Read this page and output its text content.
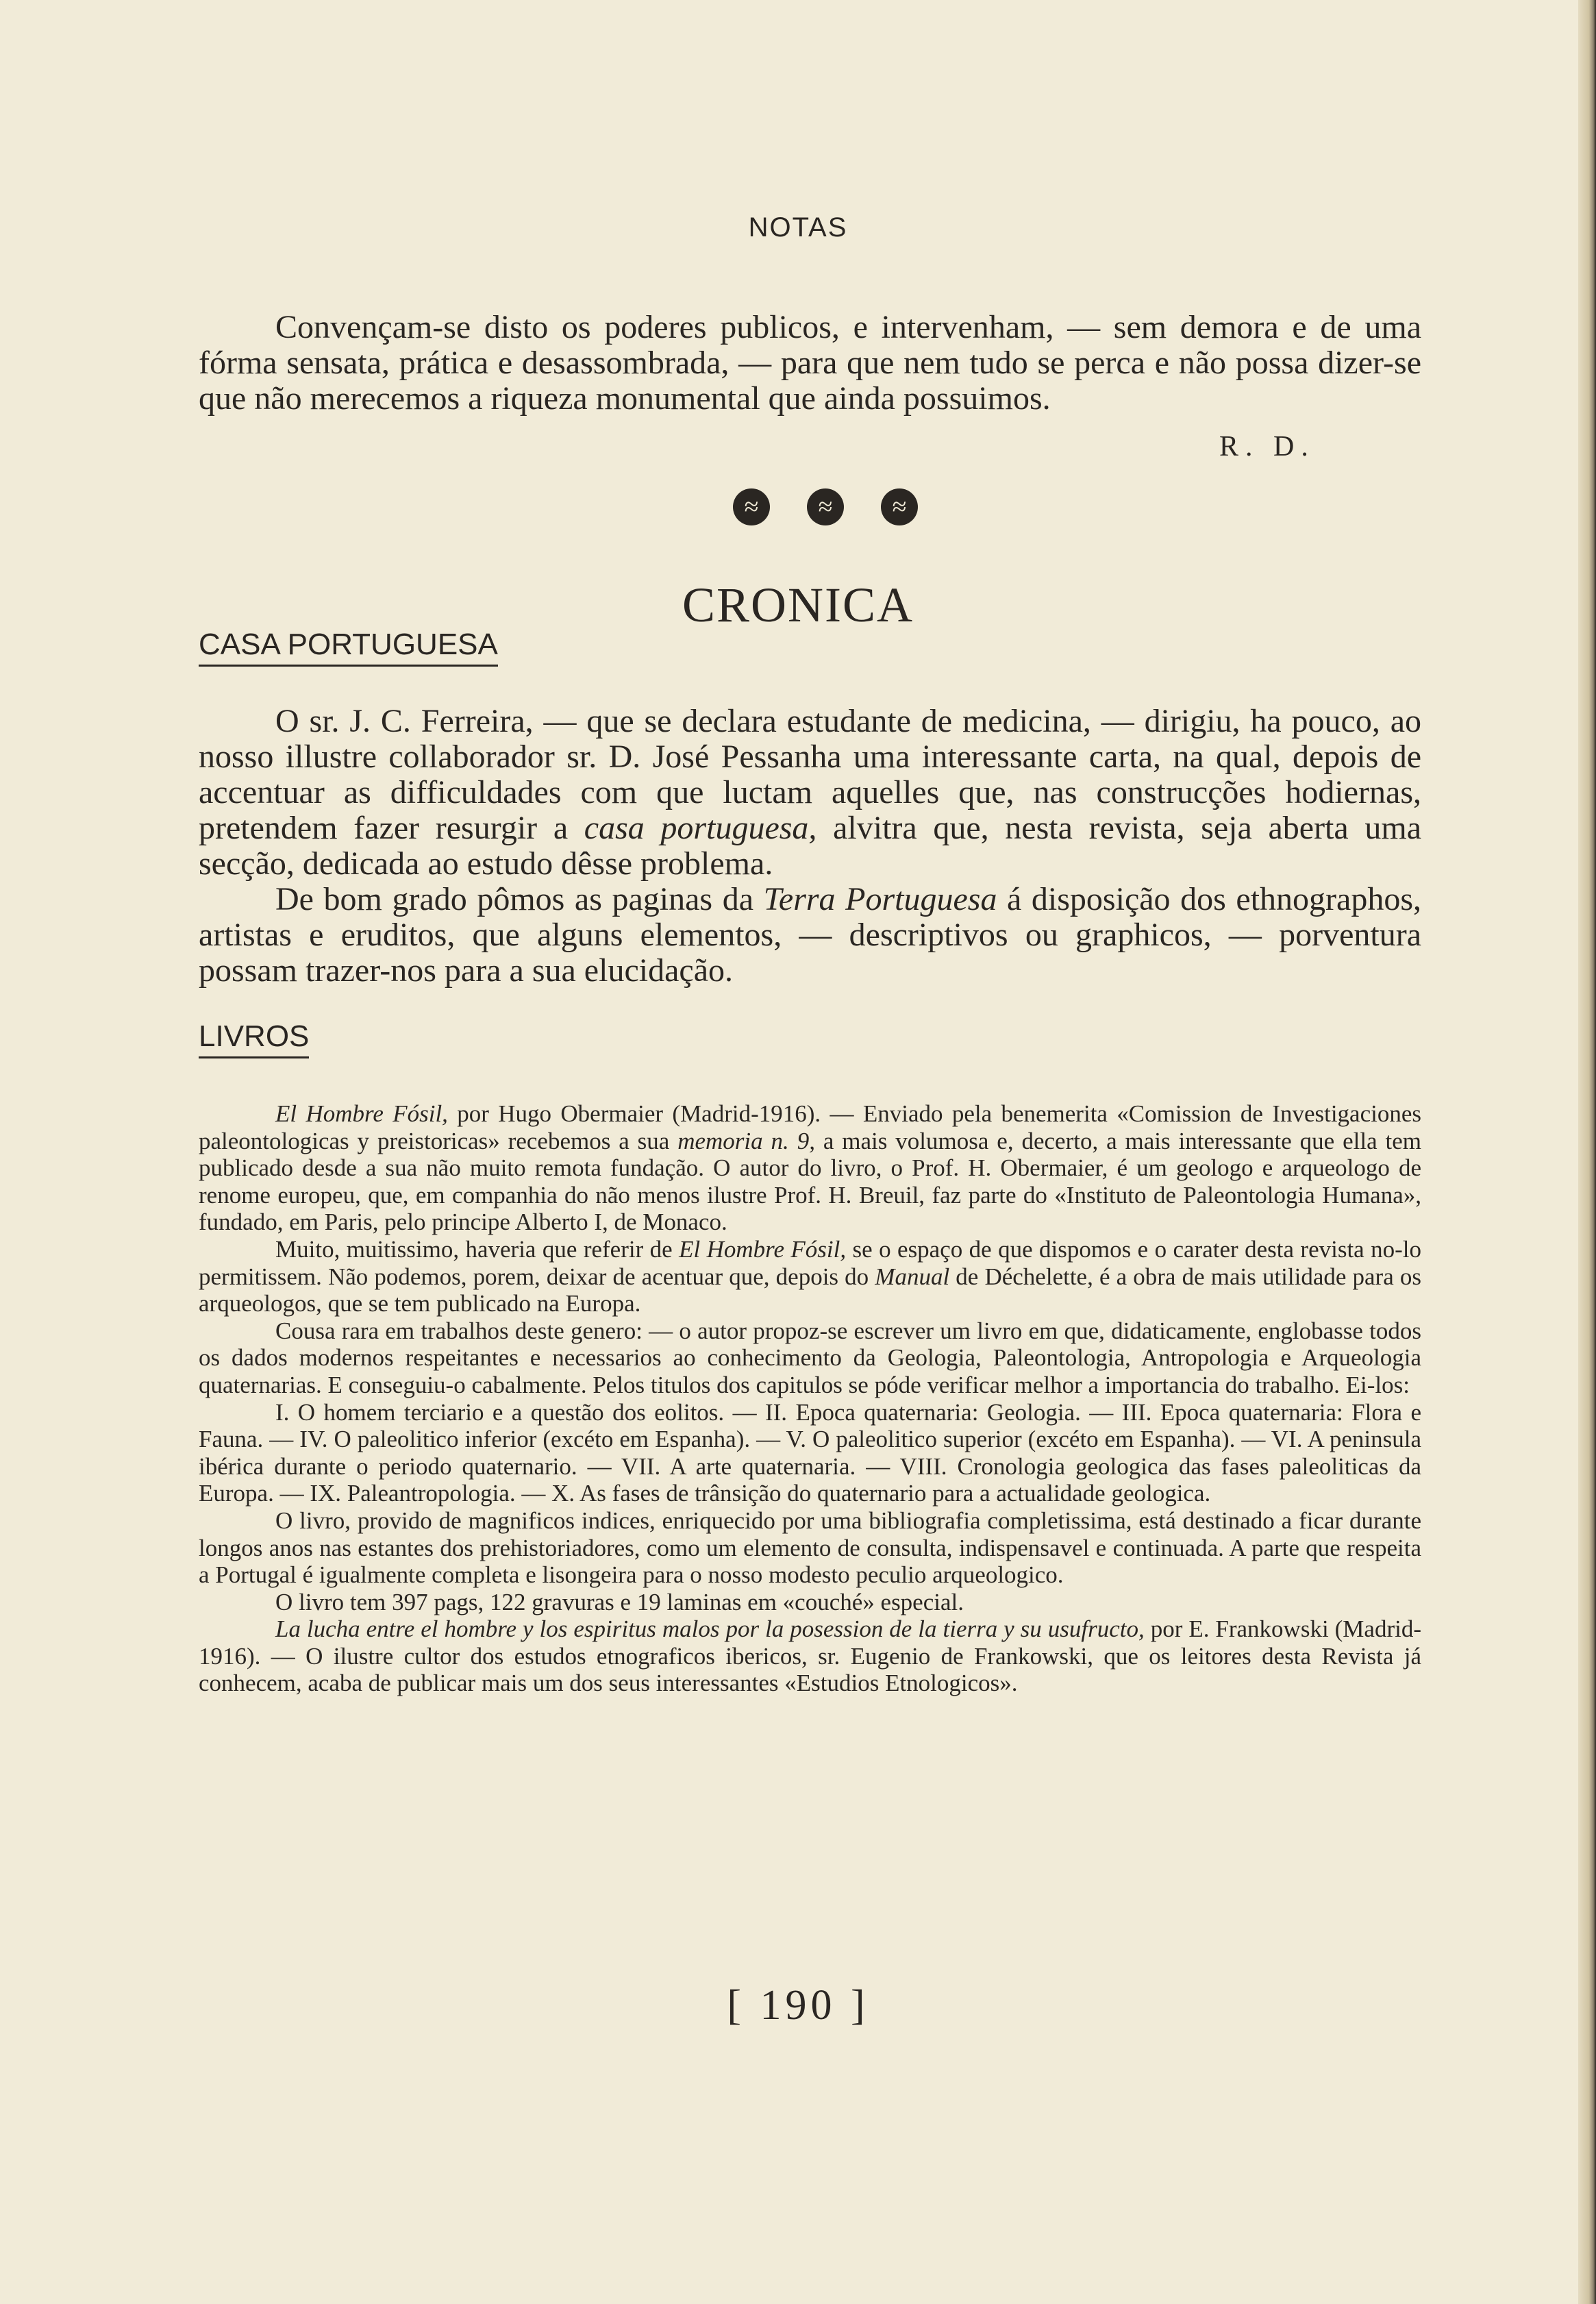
NOTAS

Convençam-se disto os poderes publicos, e intervenham, — sem demora e de uma fórma sensata, prática e desassombrada, — para que nem tudo se perca e não possa dizer-se que não merecemos a riqueza monumental que ainda possuimos.

R. D.
≈	≈	≈
CRONICA
CASA PORTUGUESA

O sr. J. C. Ferreira, — que se declara estudante de medicina, — dirigiu, ha pouco, ao nosso illustre collaborador sr. D. José Pessanha uma interessante carta, na qual, depois de accentuar as difficuldades com que luctam aquelles que, nas construcções hodiernas, pretendem fazer resurgir a casa portuguesa, alvitra que, nesta revista, seja aberta uma secção, dedicada ao estudo dêsse problema.

De bom grado pômos as paginas da Terra Portuguesa á disposição dos ethnographos, artistas e eruditos, que alguns elementos, — descriptivos ou graphicos, — porventura possam trazer-nos para a sua elucidação.

LIVROS

El Hombre Fósil, por Hugo Obermaier (Madrid-1916). — Enviado pela benemerita «Comission de Investigaciones paleontologicas y preistoricas» recebemos a sua memoria n. 9, a mais volumosa e, decerto, a mais interessante que ella tem publicado desde a sua não muito remota fundação. O autor do livro, o Prof. H. Obermaier, é um geologo e arqueologo de renome europeu, que, em companhia do não menos ilustre Prof. H. Breuil, faz parte do «Instituto de Paleontologia Humana», fundado, em Paris, pelo principe Alberto I, de Monaco.

Muito, muitissimo, haveria que referir de El Hombre Fósil, se o espaço de que dispomos e o carater desta revista no-lo permitissem. Não podemos, porem, deixar de acentuar que, depois do Manual de Déchelette, é a obra de mais utilidade para os arqueologos, que se tem publicado na Europa.

Cousa rara em trabalhos deste genero: — o autor propoz-se escrever um livro em que, didaticamente, englobasse todos os dados modernos respeitantes e necessarios ao conhecimento da Geologia, Paleontologia, Antropologia e Arqueologia quaternarias. E conseguiu-o cabalmente. Pelos titulos dos capitulos se póde verificar melhor a importancia do trabalho. Ei-los:

I. O homem terciario e a questão dos eolitos. — II. Epoca quaternaria: Geologia. — III. Epoca quaternaria: Flora e Fauna. — IV. O paleolitico inferior (excéto em Espanha). — V. O paleolitico superior (excéto em Espanha). — VI. A peninsula ibérica durante o periodo quaternario. — VII. A arte quaternaria. — VIII. Cronologia geologica das fases paleoliticas da Europa. — IX. Paleantropologia. — X. As fases de trânsição do quaternario para a actualidade geologica.

O livro, provido de magnificos indices, enriquecido por uma bibliografia completissima, está destinado a ficar durante longos anos nas estantes dos prehistoriadores, como um elemento de consulta, indispensavel e continuada. A parte que respeita a Portugal é igualmente completa e lisongeira para o nosso modesto peculio arqueologico.

O livro tem 397 pags, 122 gravuras e 19 laminas em «couché» especial.

La lucha entre el hombre y los espiritus malos por la posession de la tierra y su usufructo, por E. Frankowski (Madrid-1916). — O ilustre cultor dos estudos etnograficos ibericos, sr. Eugenio de Frankowski, que os leitores desta Revista já conhecem, acaba de publicar mais um dos seus interessantes «Estudios Etnologicos».

[ 190 ]
